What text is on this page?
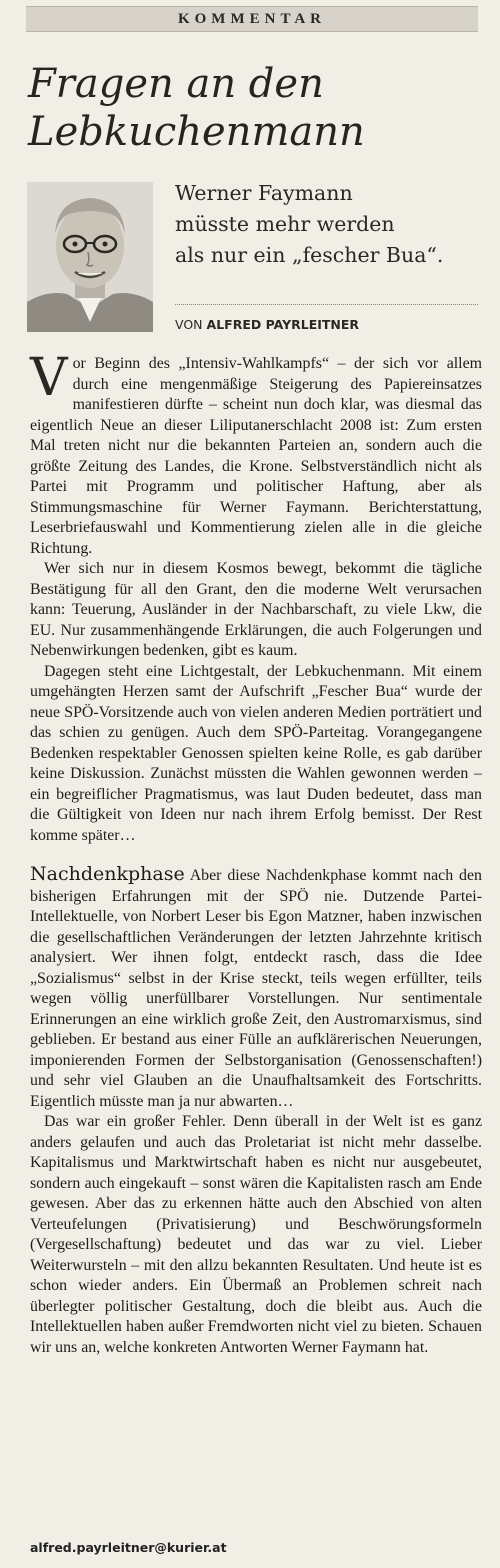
KOMMENTAR
Fragen an den
Lebkuchenmann
Werner Faymann
müsste mehr werden
als nur ein „fescher Bua“.
VON ALFRED PAYRLEITNER

Vor Beginn des „Intensiv-Wahlkampfs“ – der sich vor allem durch eine mengenmäßige Steigerung des Papiereinsatzes manifestieren dürfte – scheint nun doch klar, was diesmal das eigentlich Neue an dieser Liliputanerschlacht 2008 ist: Zum ersten Mal treten nicht nur die bekannten Parteien an, sondern auch die größte Zeitung des Landes, die Krone. Selbstverständlich nicht als Partei mit Programm und politischer Haftung, aber als Stimmungsmaschine für Werner Faymann. Berichterstattung, Leserbriefauswahl und Kommentierung zielen alle in die gleiche Richtung.

Wer sich nur in diesem Kosmos bewegt, bekommt die tägliche Bestätigung für all den Grant, den die moderne Welt verursachen kann: Teuerung, Ausländer in der Nachbarschaft, zu viele Lkw, die EU. Nur zusammenhängende Erklärungen, die auch Folgerungen und Nebenwirkungen bedenken, gibt es kaum.

Dagegen steht eine Lichtgestalt, der Lebkuchenmann. Mit einem umgehängten Herzen samt der Aufschrift „Fescher Bua“ wurde der neue SPÖ-Vorsitzende auch von vielen anderen Medien porträtiert und das schien zu genügen. Auch dem SPÖ-Parteitag. Vorangegangene Bedenken respektabler Genossen spielten keine Rolle, es gab darüber keine Diskussion. Zunächst müssten die Wahlen gewonnen werden – ein begreiflicher Pragmatismus, was laut Duden bedeutet, dass man die Gültigkeit von Ideen nur nach ihrem Erfolg bemisst. Der Rest komme später…

Nachdenkphase Aber diese Nachdenkphase kommt nach den bisherigen Erfahrungen mit der SPÖ nie. Dutzende Partei-Intellektuelle, von Norbert Leser bis Egon Matzner, haben inzwischen die gesellschaftlichen Veränderungen der letzten Jahrzehnte kritisch analysiert. Wer ihnen folgt, entdeckt rasch, dass die Idee „Sozialismus“ selbst in der Krise steckt, teils wegen erfüllter, teils wegen völlig unerfüllbarer Vorstellungen. Nur sentimentale Erinnerungen an eine wirklich große Zeit, den Austromarxismus, sind geblieben. Er bestand aus einer Fülle an aufklärerischen Neuerungen, imponierenden Formen der Selbstorganisation (Genossenschaften!) und sehr viel Glauben an die Unaufhaltsamkeit des Fortschritts. Eigentlich müsste man ja nur abwarten…

Das war ein großer Fehler. Denn überall in der Welt ist es ganz anders gelaufen und auch das Proletariat ist nicht mehr dasselbe. Kapitalismus und Marktwirtschaft haben es nicht nur ausgebeutet, sondern auch eingekauft – sonst wären die Kapitalisten rasch am Ende gewesen. Aber das zu erkennen hätte auch den Abschied von alten Verteufelungen (Privatisierung) und Beschwörungsformeln (Vergesellschaftung) bedeutet und das war zu viel. Lieber Weiterwursteln – mit den allzu bekannten Resultaten. Und heute ist es schon wieder anders. Ein Übermaß an Problemen schreit nach überlegter politischer Gestaltung, doch die bleibt aus. Auch die Intellektuellen haben außer Fremdworten nicht viel zu bieten. Schauen wir uns an, welche konkreten Antworten Werner Faymann hat.

alfred.payrleitner@kurier.at
